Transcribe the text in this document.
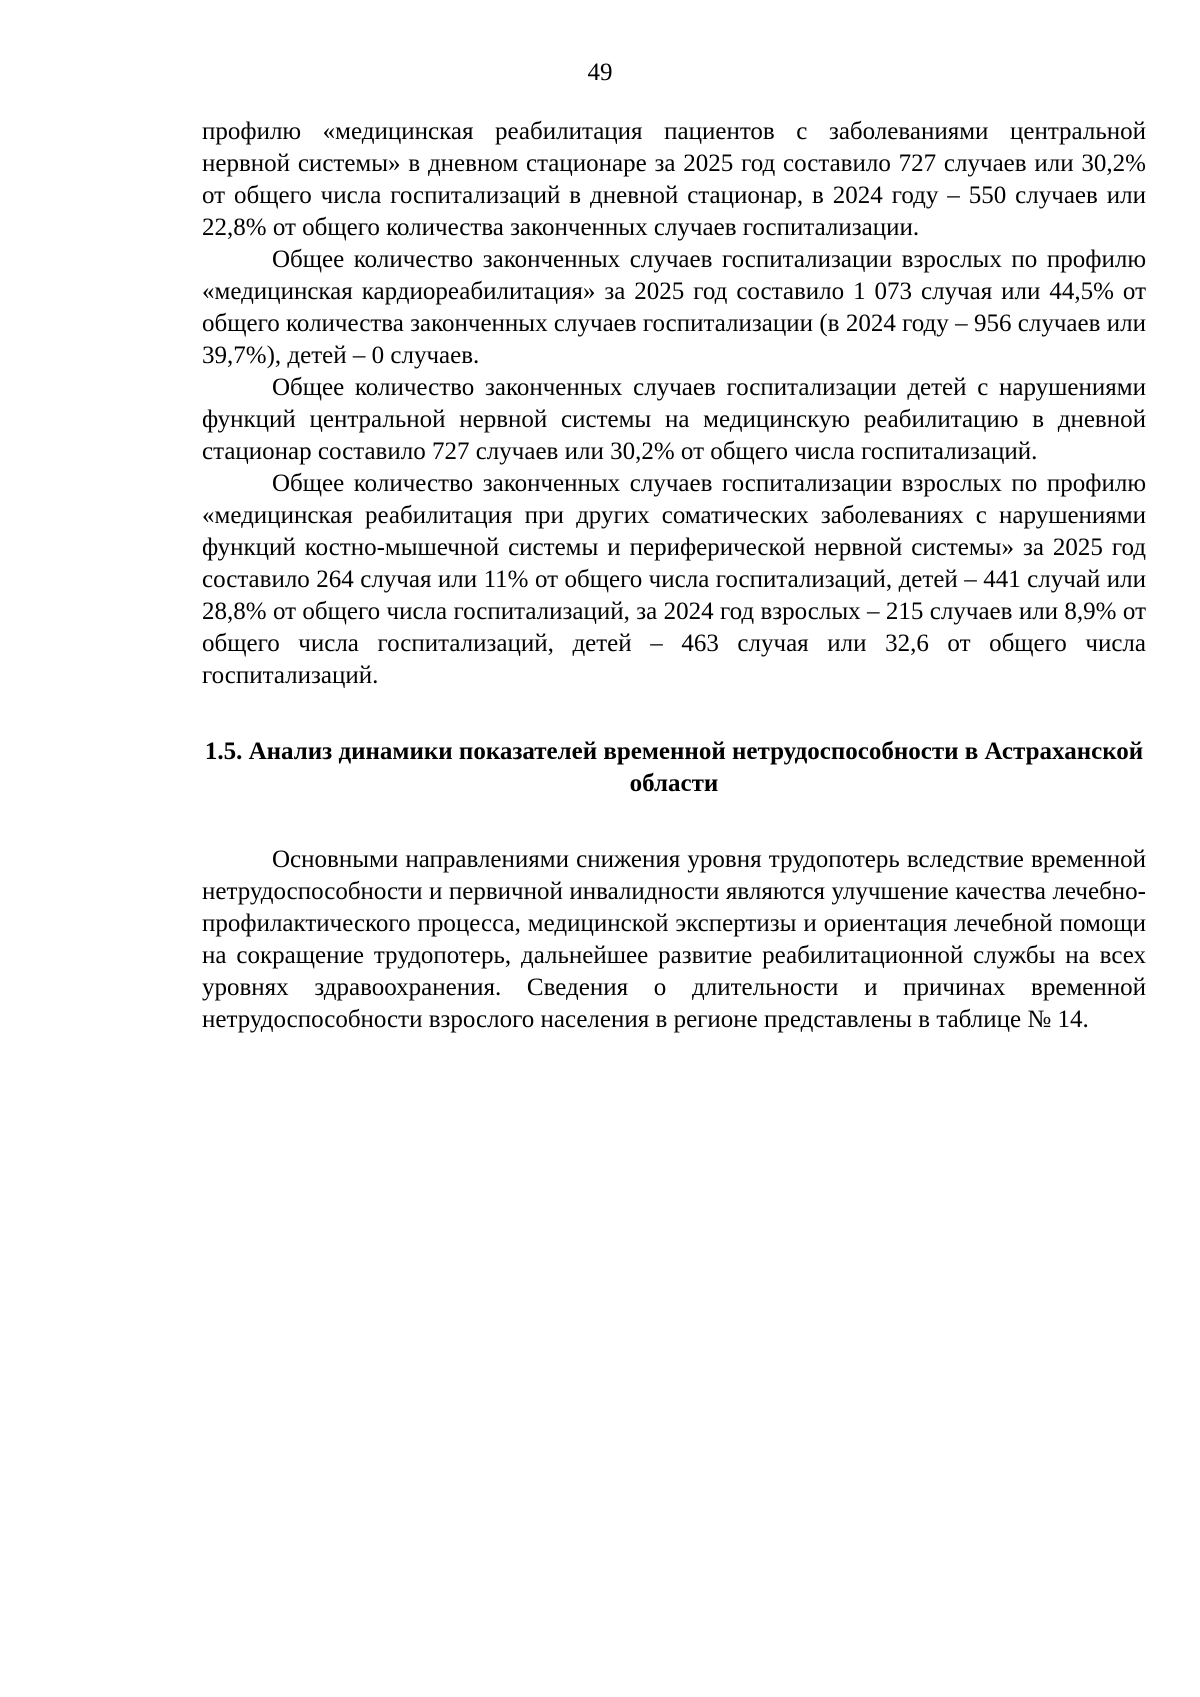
49

профилю «медицинская реабилитация пациентов с заболеваниями центральной нервной системы» в дневном стационаре за 2025 год составило 727 случаев или 30,2% от общего числа госпитализаций в дневной стационар, в 2024 году – 550 случаев или 22,8% от общего количества законченных случаев госпитализации.

Общее количество законченных случаев госпитализации взрослых по профилю «медицинская кардиореабилитация» за 2025 год составило 1 073 случая или 44,5% от общего количества законченных случаев госпитализации (в 2024 году – 956 случаев или 39,7%), детей – 0 случаев.

Общее количество законченных случаев госпитализации детей с нарушениями функций центральной нервной системы на медицинскую реабилитацию в дневной стационар составило 727 случаев или 30,2% от общего числа госпитализаций.

Общее количество законченных случаев госпитализации взрослых по профилю «медицинская реабилитация при других соматических заболеваниях с нарушениями функций костно-мышечной системы и периферической нервной системы» за 2025 год составило 264 случая или 11% от общего числа госпитализаций, детей – 441 случай или 28,8% от общего числа госпитализаций, за 2024 год взрослых – 215 случаев или 8,9% от общего числа госпитализаций, детей – 463 случая или 32,6 от общего числа госпитализаций.

1.5. Анализ динамики показателей временной нетрудоспособности в Астраханской области

Основными направлениями снижения уровня трудопотерь вследствие временной нетрудоспособности и первичной инвалидности являются улучшение качества лечебно-профилактического процесса, медицинской экспертизы и ориентация лечебной помощи на сокращение трудопотерь, дальнейшее развитие реабилитационной службы на всех уровнях здравоохранения. Сведения о длительности и причинах временной нетрудоспособности взрослого населения в регионе представлены в таблице № 14.
